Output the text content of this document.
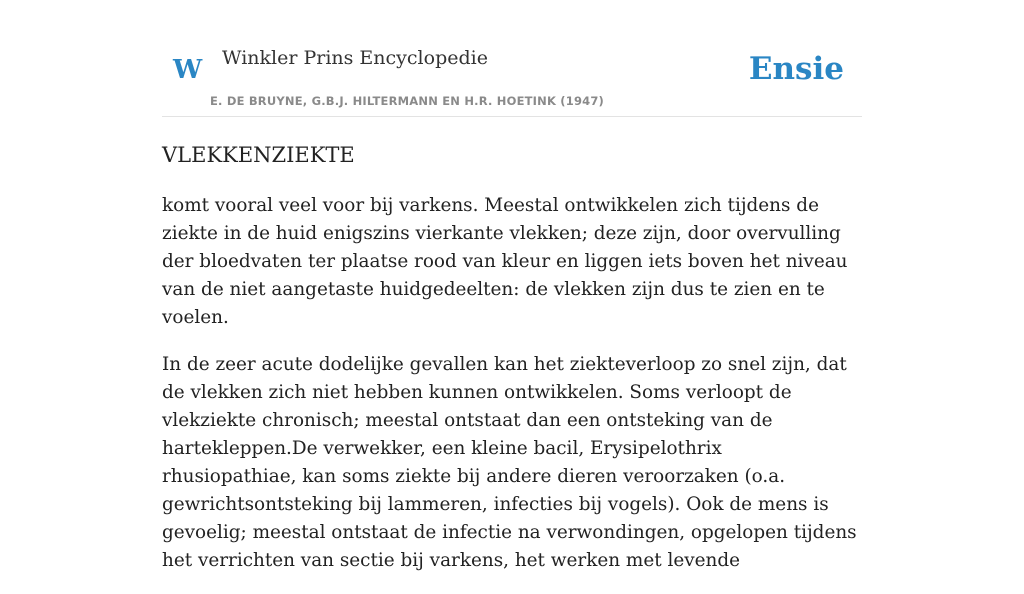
W Winkler Prins Encyclopedie
E. DE BRUYNE, G.B.J. HILTERMANN EN H.R. HOETINK (1947)
Ensie
VLEKKENZIEKTE

komt vooral veel voor bij varkens. Meestal ontwikkelen zich tijdens de ziekte in de huid enigszins vierkante vlekken; deze zijn, door overvulling der bloedvaten ter plaatse rood van kleur en liggen iets boven het niveau van de niet aangetaste huidgedeelten: de vlekken zijn dus te zien en te voelen.

In de zeer acute dodelijke gevallen kan het ziekteverloop zo snel zijn, dat de vlekken zich niet hebben kunnen ontwikkelen. Soms verloopt de vlekziekte chronisch; meestal ontstaat dan een ontsteking van de hartekleppen.De verwekker, een kleine bacil, Erysipelothrix rhusiopathiae, kan soms ziekte bij andere dieren veroorzaken (o.a. gewrichtsontsteking bij lammeren, infecties bij vogels). Ook de mens is gevoelig; meestal ontstaat de infectie na verwondingen, opgelopen tijdens het verrichten van sectie bij varkens, het werken met levende
